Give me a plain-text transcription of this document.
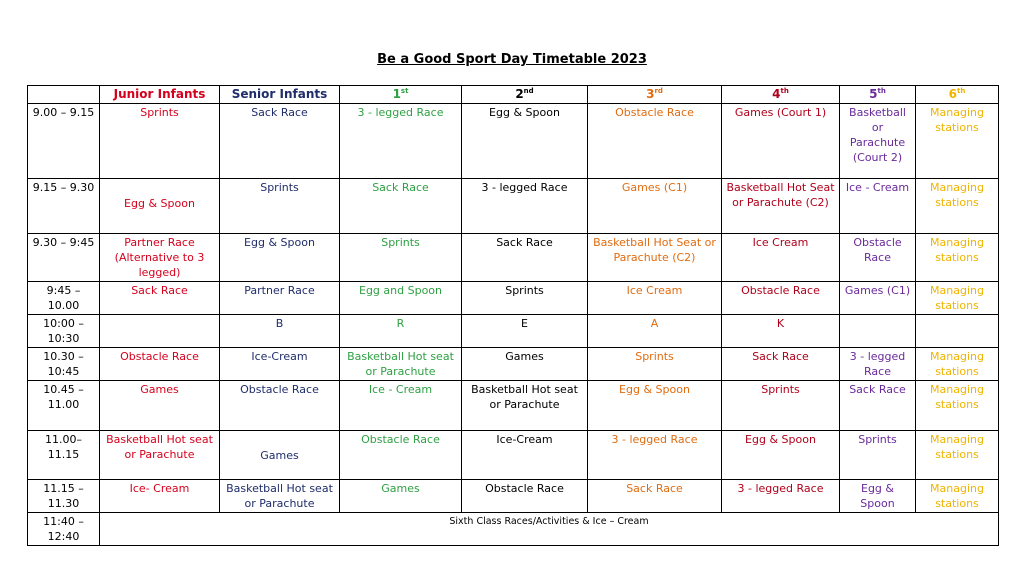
Be a Good Sport Day Timetable 2023
	Junior Infants	Senior Infants	1st	2nd	3rd	4th	5th	6th
9.00 – 9.15	Sprints	Sack Race	3 - legged Race	Egg & Spoon	Obstacle Race	Games (Court 1)	Basketball or Parachute (Court 2)	Managing stations
9.15 – 9.30	Egg & Spoon	Sprints	Sack Race	3 - legged Race	Games (C1)	Basketball Hot Seat or Parachute (C2)	Ice - Cream	Managing stations
9.30 – 9:45	Partner Race (Alternative to 3 legged)	Egg & Spoon	Sprints	Sack Race	Basketball Hot Seat or Parachute (C2)	Ice Cream	Obstacle Race	Managing stations
9:45 – 10.00	Sack Race	Partner Race	Egg and Spoon	Sprints	Ice Cream	Obstacle Race	Games (C1)	Managing stations
10:00 – 10:30		B	R	E	A	K		
10.30 – 10:45	Obstacle Race	Ice-Cream	Basketball Hot seat or Parachute	Games	Sprints	Sack Race	3 - legged Race	Managing stations
10.45 – 11.00	Games	Obstacle Race	Ice - Cream	Basketball Hot seat or Parachute	Egg & Spoon	Sprints	Sack Race	Managing stations
11.00– 11.15	Basketball Hot seat or Parachute	Games	Obstacle Race	Ice-Cream	3 - legged Race	Egg & Spoon	Sprints	Managing stations
11.15 – 11.30	Ice- Cream	Basketball Hot seat or Parachute	Games	Obstacle Race	Sack Race	3 - legged Race	Egg & Spoon	Managing stations
11:40 – 12:40	Sixth Class Races/Activities & Ice – Cream							
